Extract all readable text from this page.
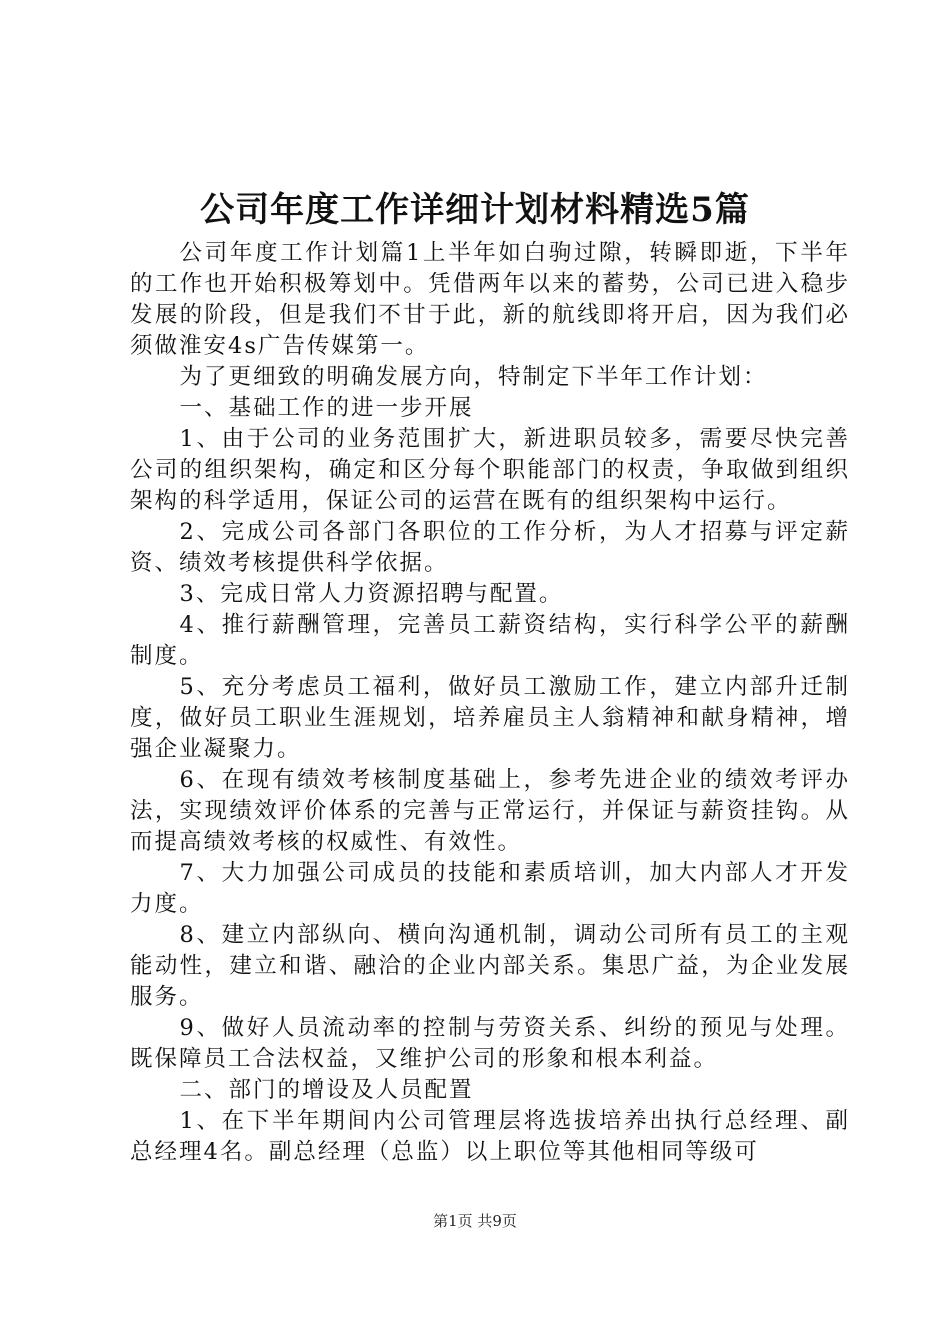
公司年度工作详细计划材料精选5篇

公司年度工作计划篇1上半年如白驹过隙，转瞬即逝，下半年的工作也开始积极筹划中。凭借两年以来的蓄势，公司已进入稳步发展的阶段，但是我们不甘于此，新的航线即将开启，因为我们必须做淮安4s广告传媒第一。

为了更细致的明确发展方向，特制定下半年工作计划：

一、基础工作的进一步开展

1、由于公司的业务范围扩大，新进职员较多，需要尽快完善公司的组织架构，确定和区分每个职能部门的权责，争取做到组织架构的科学适用，保证公司的运营在既有的组织架构中运行。

2、完成公司各部门各职位的工作分析，为人才招募与评定薪资、绩效考核提供科学依据。

3、完成日常人力资源招聘与配置。

4、推行薪酬管理，完善员工薪资结构，实行科学公平的薪酬制度。

5、充分考虑员工福利，做好员工激励工作，建立内部升迁制度，做好员工职业生涯规划，培养雇员主人翁精神和献身精神，增强企业凝聚力。

6、在现有绩效考核制度基础上，参考先进企业的绩效考评办法，实现绩效评价体系的完善与正常运行，并保证与薪资挂钩。从而提高绩效考核的权威性、有效性。

7、大力加强公司成员的技能和素质培训，加大内部人才开发力度。

8、建立内部纵向、横向沟通机制，调动公司所有员工的主观能动性，建立和谐、融洽的企业内部关系。集思广益，为企业发展服务。

9、做好人员流动率的控制与劳资关系、纠纷的预见与处理。既保障员工合法权益，又维护公司的形象和根本利益。

二、部门的增设及人员配置

1、在下半年期间内公司管理层将选拔培养出执行总经理、副总经理4名。副总经理（总监）以上职位等其他相同等级可

第1页 共9页
